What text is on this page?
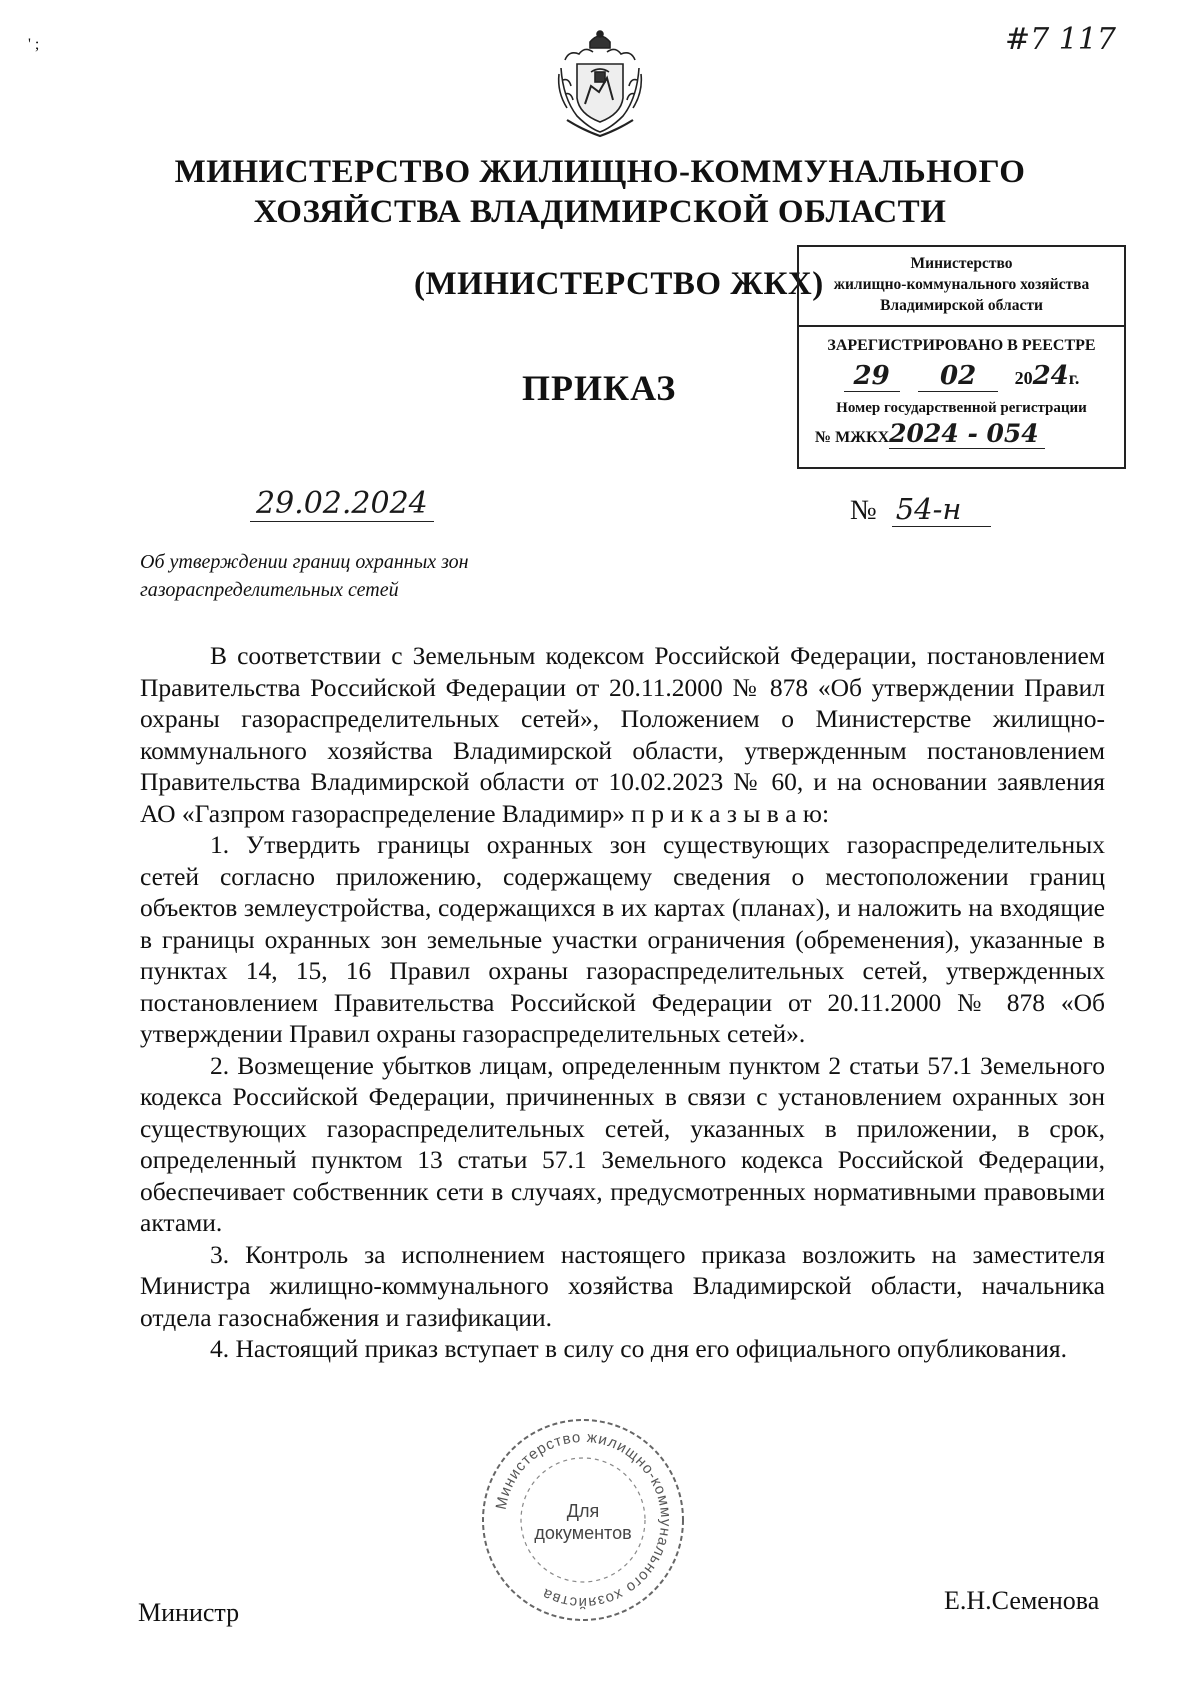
' ;	#7 117
МИНИСТЕРСТВО ЖИЛИЩНО-КОММУНАЛЬНОГО
ХОЗЯЙСТВА ВЛАДИМИРСКОЙ ОБЛАСТИ
(МИНИСТЕРСТВО ЖКХ)
ПРИКАЗ
Министерство
жилищно-коммунального хозяйства
Владимирской области
ЗАРЕГИСТРИРОВАНО В РЕЕСТРЕ
29 02 2024г.
Номер государственной регистрации
№ МЖКХ2024 - 054
29.02.2024	№ 54-н
Об утверждении границ охранных зон
газораспределительных сетей

В соответствии с Земельным кодексом Российской Федерации, постановлением Правительства Российской Федерации от 20.11.2000 № 878 «Об утверждении Правил охраны газораспределительных сетей», Положением о Министерстве жилищно-коммунального хозяйства Владимирской области, утвержденным постановлением Правительства Владимирской области от 10.02.2023 № 60, и на основании заявления АО «Газпром газораспределение Владимир» п р и к а з ы в а ю:

1. Утвердить границы охранных зон существующих газораспределительных сетей согласно приложению, содержащему сведения о местоположении границ объектов землеустройства, содержащихся в их картах (планах), и наложить на входящие в границы охранных зон земельные участки ограничения (обременения), указанные в пунктах 14, 15, 16 Правил охраны газораспределительных сетей, утвержденных постановлением Правительства Российской Федерации от 20.11.2000 № 878 «Об утверждении Правил охраны газораспределительных сетей».

2. Возмещение убытков лицам, определенным пунктом 2 статьи 57.1 Земельного кодекса Российской Федерации, причиненных в связи с установлением охранных зон существующих газораспределительных сетей, указанных в приложении, в срок, определенный пунктом 13 статьи 57.1 Земельного кодекса Российской Федерации, обеспечивает собственник сети в случаях, предусмотренных нормативными правовыми актами.

3. Контроль за исполнением настоящего приказа возложить на заместителя Министра жилищно-коммунального хозяйства Владимирской области, начальника отдела газоснабжения и газификации.

4. Настоящий приказ вступает в силу со дня его официального опубликования.

Министерство жилищно-коммунального хозяйства
Для
документов
Министр	Е.Н.Семенова
